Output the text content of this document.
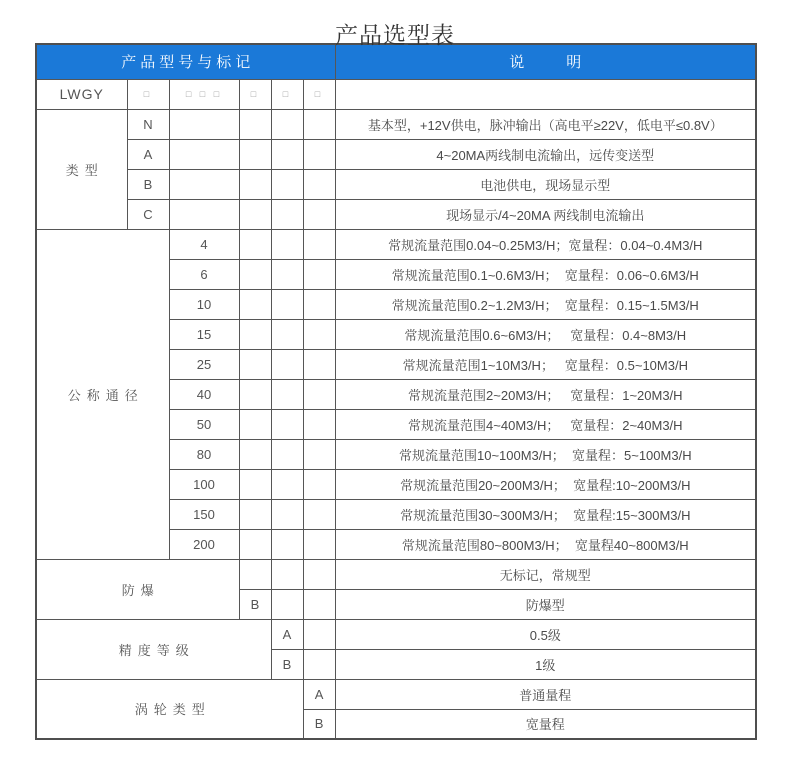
产品选型表
产品型号与标记						说　　明
LWGY	□	□ □ □	□	□	□	
类型	N					基本型，+12V供电，脉冲输出（高电平≥22V，低电平≤0.8V）
	A					4~20MA两线制电流输出，远传变送型
	B					电池供电，现场显示型
	C					现场显示/4~20MA 两线制电流输出
公称通径		4				常规流量范围0.04~0.25M3/H；宽量程：0.04~0.4M3/H
		6				常规流量范围0.1~0.6M3/H；  宽量程：0.06~0.6M3/H
		10				常规流量范围0.2~1.2M3/H；  宽量程：0.15~1.5M3/H
		15				常规流量范围0.6~6M3/H；   宽量程：0.4~8M3/H
		25				常规流量范围1~10M3/H；   宽量程：0.5~10M3/H
		40				常规流量范围2~20M3/H；   宽量程：1~20M3/H
		50				常规流量范围4~40M3/H；   宽量程：2~40M3/H
		80				常规流量范围10~100M3/H；  宽量程：5~100M3/H
		100				常规流量范围20~200M3/H；  宽量程:10~200M3/H
		150				常规流量范围30~300M3/H；  宽量程:15~300M3/H
		200				常规流量范围80~800M3/H；  宽量程40~800M3/H
防爆						无标记，常规型
			B			防爆型
精度等级				A		0.5级
				B		1级
涡轮类型					A	普通量程
					B	宽量程
